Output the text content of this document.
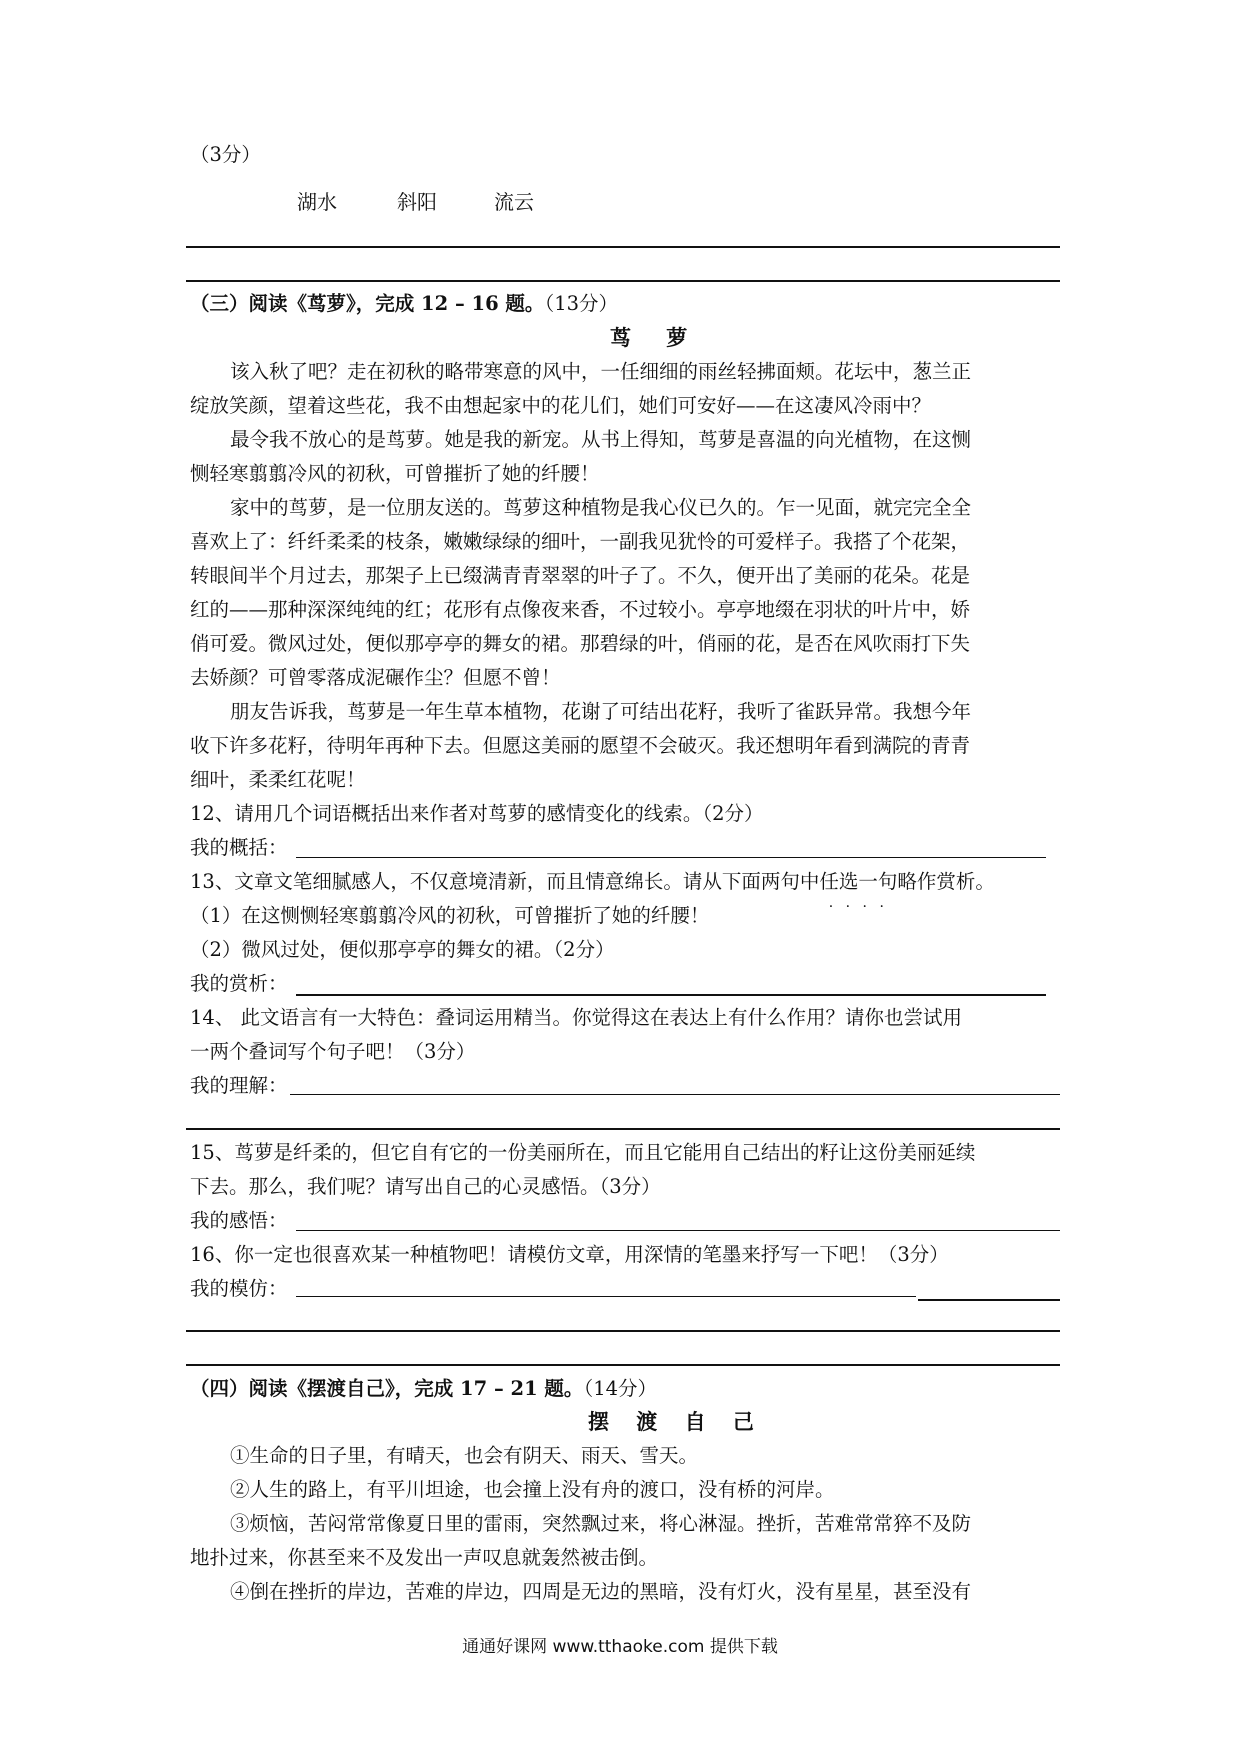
（3分）
湖水	斜阳	流云
（三）阅读《茑萝》，完成 12 – 16 题。（13分）
茑 萝
该入秋了吧？走在初秋的略带寒意的风中，一任细细的雨丝轻拂面颊。花坛中，葱兰正
绽放笑颜，望着这些花，我不由想起家中的花儿们，她们可安好——在这凄风冷雨中？
最令我不放心的是茑萝。她是我的新宠。从书上得知，茑萝是喜温的向光植物，在这恻
恻轻寒翦翦冷风的初秋，可曾摧折了她的纤腰！
家中的茑萝，是一位朋友送的。茑萝这种植物是我心仪已久的。乍一见面，就完完全全
喜欢上了：纤纤柔柔的枝条，嫩嫩绿绿的细叶，一副我见犹怜的可爱样子。我搭了个花架，
转眼间半个月过去，那架子上已缀满青青翠翠的叶子了。不久，便开出了美丽的花朵。花是
红的——那种深深纯纯的红；花形有点像夜来香，不过较小。亭亭地缀在羽状的叶片中，娇
俏可爱。微风过处，便似那亭亭的舞女的裙。那碧绿的叶，俏丽的花，是否在风吹雨打下失
去娇颜？可曾零落成泥碾作尘？但愿不曾！
朋友告诉我，茑萝是一年生草本植物，花谢了可结出花籽，我听了雀跃异常。我想今年
收下许多花籽，待明年再种下去。但愿这美丽的愿望不会破灭。我还想明年看到满院的青青
细叶，柔柔红花呢！
12、请用几个词语概括出来作者对茑萝的感情变化的线索。（2分）
我的概括：
13、文章文笔细腻感人，不仅意境清新，而且情意绵长。请从下面两句中任选一句 · · · ·略作赏析。
（1）在这恻恻轻寒翦翦冷风的初秋，可曾摧折了她的纤腰！
（2）微风过处，便似那亭亭的舞女的裙。（2分）
我的赏析：
14、 此文语言有一大特色：叠词运用精当。你觉得这在表达上有什么作用？请你也尝试用
一两个叠词写个句子吧！（3分）
我的理解：
15、茑萝是纤柔的，但它自有它的一份美丽所在，而且它能用自己结出的籽让这份美丽延续
下去。那么，我们呢？请写出自己的心灵感悟。（3分）
我的感悟：
16、你一定也很喜欢某一种植物吧！请模仿文章，用深情的笔墨来抒写一下吧！（3分）
我的模仿：
（四）阅读《摆渡自己》，完成 17 – 21 题。（14分）
摆 渡 自 己
①生命的日子里，有晴天，也会有阴天、雨天、雪天。
②人生的路上，有平川坦途，也会撞上没有舟的渡口，没有桥的河岸。
③烦恼，苦闷常常像夏日里的雷雨，突然飘过来，将心淋湿。挫折，苦难常常猝不及防
地扑过来，你甚至来不及发出一声叹息就轰然被击倒。
④倒在挫折的岸边，苦难的岸边，四周是无边的黑暗，没有灯火，没有星星，甚至没有
通通好课网 www.tthaoke.com 提供下载
